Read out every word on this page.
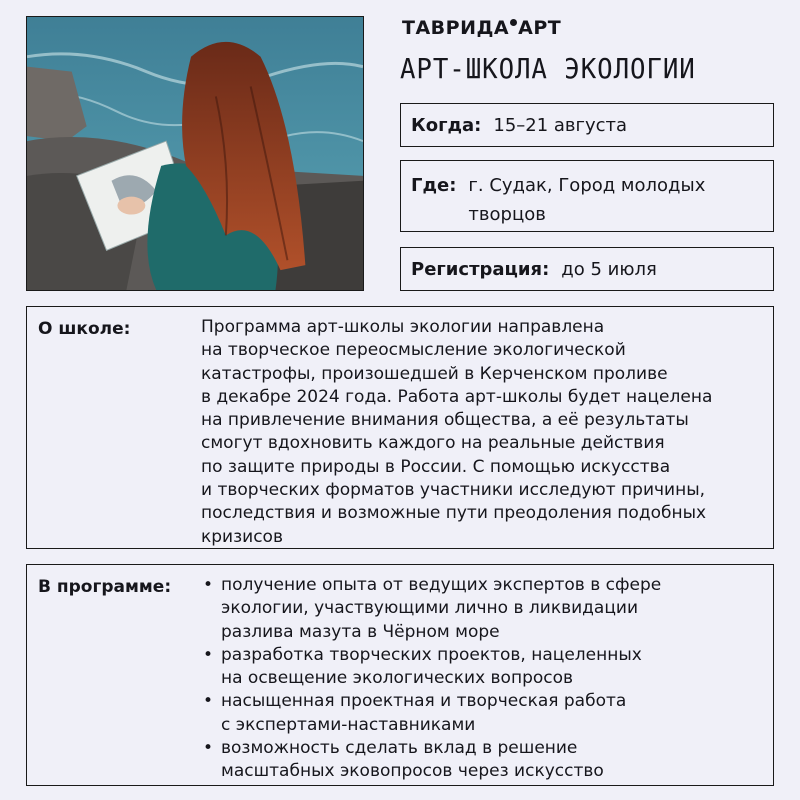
ТАВРИДА АРТ
АРТ-ШКОЛА ЭКОЛОГИИ
Когда: 15–21 августа
Где: г. Судак, Город молодых
творцов
Регистрация: до 5 июля
О школе:	Программа арт-школы экологии направлена
на творческое переосмысление экологической
катастрофы, произошедшей в Керченском проливе
в декабре 2024 года. Работа арт-школы будет нацелена
на привлечение внимания общества, а её результаты
смогут вдохновить каждого на реальные действия
по защите природы в России. С помощью искусства
и творческих форматов участники исследуют причины,
последствия и возможные пути преодоления подобных
кризисов
В программе:
•	получение опыта от ведущих экспертов в сфере
экологии, участвующими лично в ликвидации
разлива мазута в Чёрном море
• разработка творческих проектов, нацеленных
на освещение экологических вопросов
• насыщенная проектная и творческая работа
с экспертами-наставниками
• возможность сделать вклад в решение
масштабных эковопросов через искусство
